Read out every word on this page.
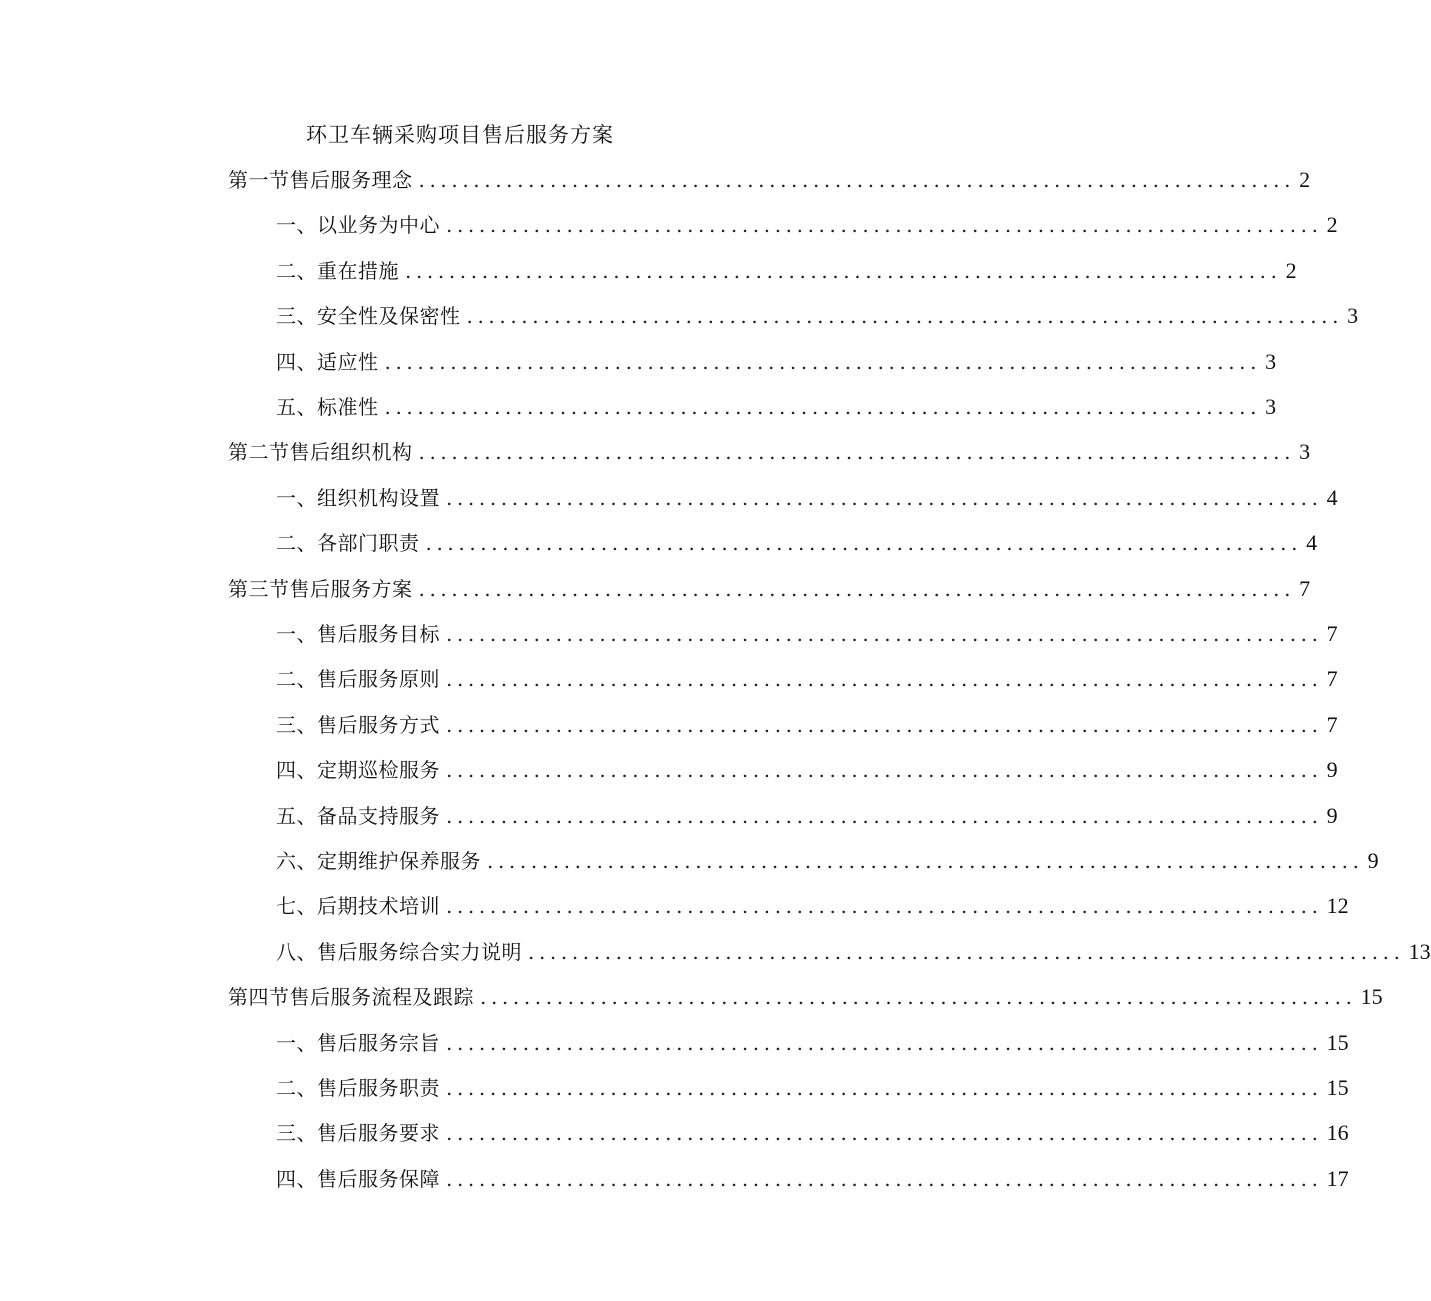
环卫车辆采购项目售后服务方案
第一节售后服务理念 ................................................................................ 2
一、以业务为中心 ................................................................................ 2
二、重在措施 ................................................................................ 2
三、安全性及保密性 ................................................................................ 3
四、适应性 ................................................................................ 3
五、标准性 ................................................................................ 3
第二节售后组织机构 ................................................................................ 3
一、组织机构设置 ................................................................................ 4
二、各部门职责 ................................................................................ 4
第三节售后服务方案 ................................................................................ 7
一、售后服务目标 ................................................................................ 7
二、售后服务原则 ................................................................................ 7
三、售后服务方式 ................................................................................ 7
四、定期巡检服务 ................................................................................ 9
五、备品支持服务 ................................................................................ 9
六、定期维护保养服务 ................................................................................ 9
七、后期技术培训 ................................................................................ 12
八、售后服务综合实力说明 ................................................................................ 13
第四节售后服务流程及跟踪 ................................................................................ 15
一、售后服务宗旨 ................................................................................ 15
二、售后服务职责 ................................................................................ 15
三、售后服务要求 ................................................................................ 16
四、售后服务保障 ................................................................................ 17
